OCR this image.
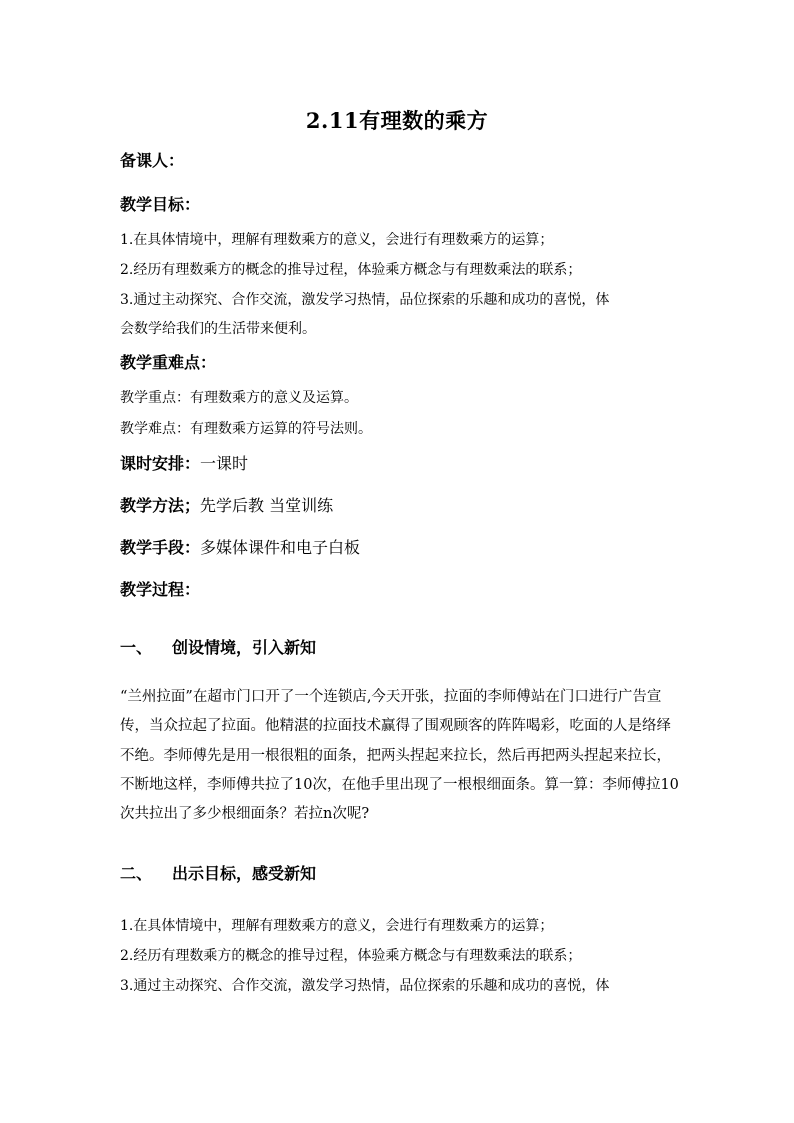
2.11有理数的乘方
备课人：
教学目标：
1.在具体情境中，理解有理数乘方的意义，会进行有理数乘方的运算；
2.经历有理数乘方的概念的推导过程，体验乘方概念与有理数乘法的联系；
3.通过主动探究、合作交流，激发学习热情，品位探索的乐趣和成功的喜悦，体
会数学给我们的生活带来便利。
教学重难点：
教学重点：有理数乘方的意义及运算。
教学难点：有理数乘方运算的符号法则。
课时安排：一课时
教学方法；先学后教 当堂训练
教学手段：多媒体课件和电子白板
教学过程：
一、 创设情境，引入新知
“兰州拉面”在超市门口开了一个连锁店,今天开张，拉面的李师傅站在门口进行广告宣传，当众拉起了拉面。他精湛的拉面技术赢得了围观顾客的阵阵喝彩，吃面的人是络绎不绝。李师傅先是用一根很粗的面条，把两头捏起来拉长，然后再把两头捏起来拉长，不断地这样，李师傅共拉了10次，在他手里出现了一根根细面条。算一算：李师傅拉10次共拉出了多少根细面条？若拉n次呢?
二、 出示目标，感受新知
1.在具体情境中，理解有理数乘方的意义，会进行有理数乘方的运算；
2.经历有理数乘方的概念的推导过程，体验乘方概念与有理数乘法的联系；
3.通过主动探究、合作交流，激发学习热情，品位探索的乐趣和成功的喜悦，体
